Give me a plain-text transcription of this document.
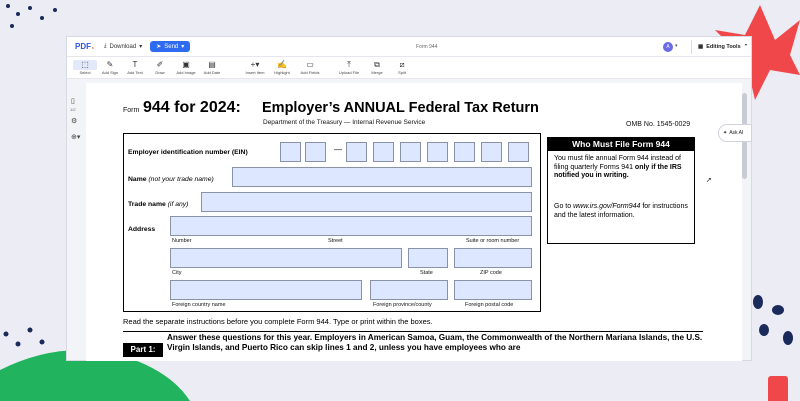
PDF fi ⤓ Download ▾ ➤ Send ▾	Form 944	A	▾	▦ Editing Tools ⌃
⬚
Select
✎
Add Sign
T
Add Text
✐
Draw
▣
Add Image
▤
Add Date
+▾
Insert Item
✍
Highlight
▭
Add Fields
⤒
Upload File
⧉
Merge
⧄
Split
▯
1/2
⚙
⊕▾
Form 944 for 2024: Employer’s ANNUAL Federal Tax Return
Department of the Treasury — Internal Revenue Service	OMB No. 1545-0029
Employer identification number (EIN)	—
Name (not your trade name)
Trade name (if any)
Address
Number	Street	Suite or room number
City	State	ZIP code
Foreign country name	Foreign province/county	Foreign postal code
Who Must File Form 944
You must file annual Form 944 instead of filing quarterly Forms 941 only if the IRS notified you in writing.
Go to www.irs.gov/Form944 for instructions and the latest information.
Read the separate instructions before you complete Form 944. Type or print within the boxes.
Part 1:
Answer these questions for this year. Employers in American Samoa, Guam, the Commonwealth of the Northern Mariana Islands, the U.S. Virgin Islands, and Puerto Rico can skip lines 1 and 2, unless you have employees who are
✦ Ask AI
➚
